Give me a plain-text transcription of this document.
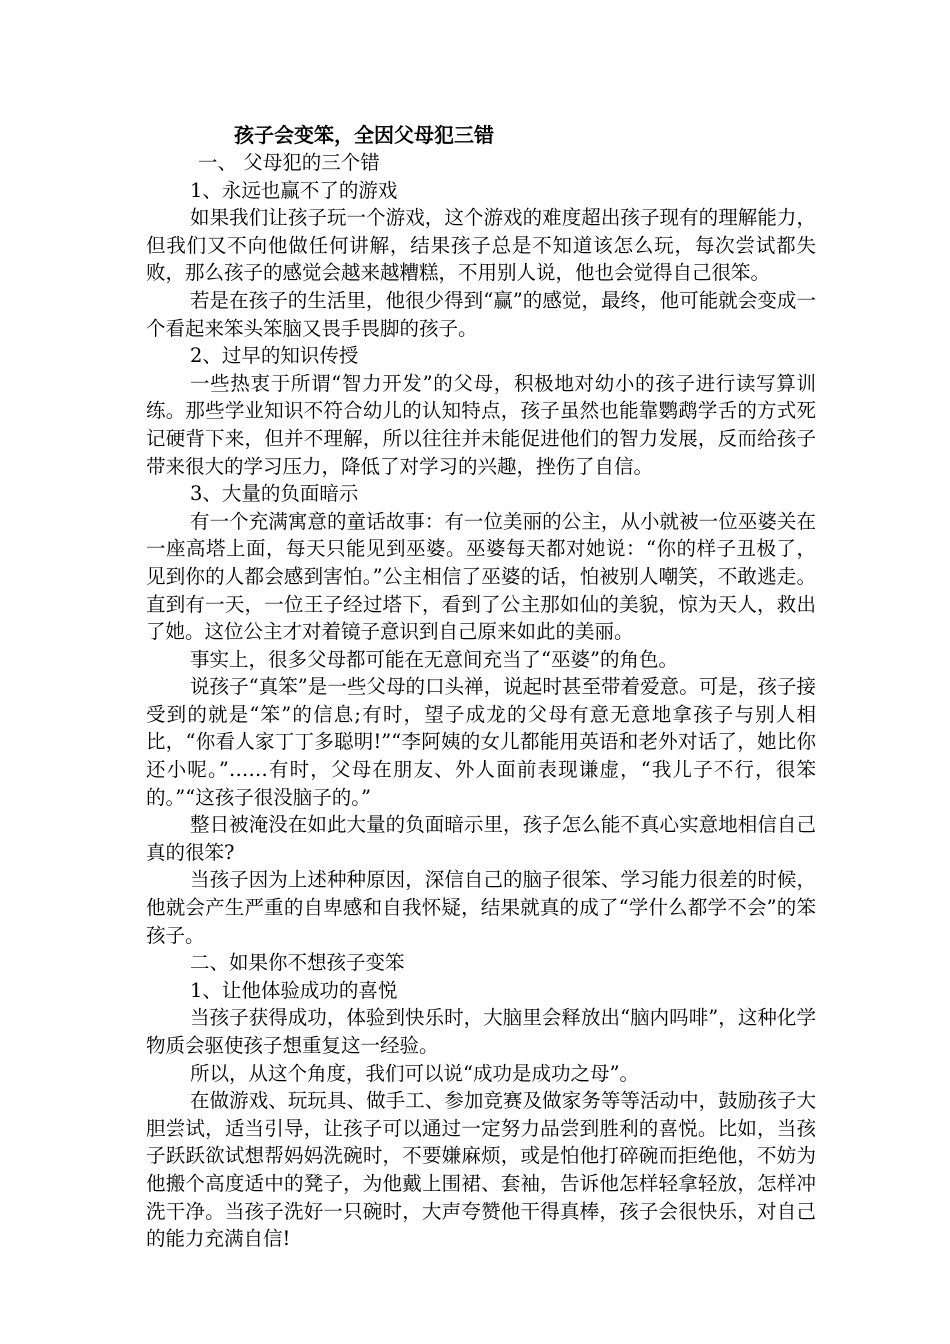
孩子会变笨，全因父母犯三错

一、 父母犯的三个错

1、永远也赢不了的游戏

如果我们让孩子玩一个游戏，这个游戏的难度超出孩子现有的理解能力，但我们又不向他做任何讲解，结果孩子总是不知道该怎么玩，每次尝试都失败，那么孩子的感觉会越来越糟糕，不用别人说，他也会觉得自己很笨。

若是在孩子的生活里，他很少得到“赢”的感觉，最终，他可能就会变成一个看起来笨头笨脑又畏手畏脚的孩子。

2、过早的知识传授

一些热衷于所谓“智力开发”的父母，积极地对幼小的孩子进行读写算训练。那些学业知识不符合幼儿的认知特点，孩子虽然也能靠鹦鹉学舌的方式死记硬背下来，但并不理解，所以往往并未能促进他们的智力发展，反而给孩子带来很大的学习压力，降低了对学习的兴趣，挫伤了自信。

3、大量的负面暗示

有一个充满寓意的童话故事：有一位美丽的公主，从小就被一位巫婆关在一座高塔上面，每天只能见到巫婆。巫婆每天都对她说：“你的样子丑极了，见到你的人都会感到害怕。”公主相信了巫婆的话，怕被别人嘲笑，不敢逃走。直到有一天，一位王子经过塔下，看到了公主那如仙的美貌，惊为天人，救出了她。这位公主才对着镜子意识到自己原来如此的美丽。

事实上，很多父母都可能在无意间充当了“巫婆”的角色。

说孩子“真笨”是一些父母的口头禅，说起时甚至带着爱意。可是，孩子接受到的就是“笨”的信息;有时，望子成龙的父母有意无意地拿孩子与别人相比，“你看人家丁丁多聪明!”“李阿姨的女儿都能用英语和老外对话了，她比你还小呢。”……有时，父母在朋友、外人面前表现谦虚，“我儿子不行，很笨的。”“这孩子很没脑子的。”

整日被淹没在如此大量的负面暗示里，孩子怎么能不真心实意地相信自己真的很笨?

当孩子因为上述种种原因，深信自己的脑子很笨、学习能力很差的时候，他就会产生严重的自卑感和自我怀疑，结果就真的成了“学什么都学不会”的笨孩子。

二、如果你不想孩子变笨

1、让他体验成功的喜悦

当孩子获得成功，体验到快乐时，大脑里会释放出“脑内吗啡”，这种化学物质会驱使孩子想重复这一经验。

所以，从这个角度，我们可以说“成功是成功之母”。

在做游戏、玩玩具、做手工、参加竞赛及做家务等等活动中，鼓励孩子大胆尝试，适当引导，让孩子可以通过一定努力品尝到胜利的喜悦。比如，当孩子跃跃欲试想帮妈妈洗碗时，不要嫌麻烦，或是怕他打碎碗而拒绝他，不妨为他搬个高度适中的凳子，为他戴上围裙、套袖，告诉他怎样轻拿轻放，怎样冲洗干净。当孩子洗好一只碗时，大声夸赞他干得真棒，孩子会很快乐，对自己的能力充满自信!
